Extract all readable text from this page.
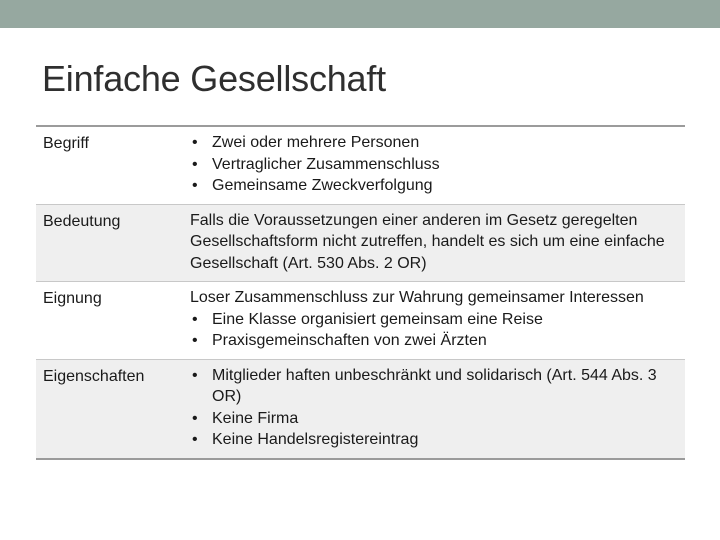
Einfache Gesellschaft
Begriff	• Zwei oder mehrere Personen
• Vertraglicher Zusammenschluss
• Gemeinsame Zweckverfolgung
Bedeutung	Falls die Voraussetzungen einer anderen im Gesetz geregelten Gesellschaftsform nicht zutreffen, handelt es sich um eine einfache Gesellschaft (Art. 530 Abs. 2 OR)
Eignung	Loser Zusammenschluss zur Wahrung gemeinsamer Interessen
• Eine Klasse organisiert gemeinsam eine Reise
• Praxisgemeinschaften von zwei Ärzten
Eigenschaften	• Mitglieder haften unbeschränkt und solidarisch (Art. 544 Abs. 3 OR)
• Keine Firma
• Keine Handelsregistereintrag
